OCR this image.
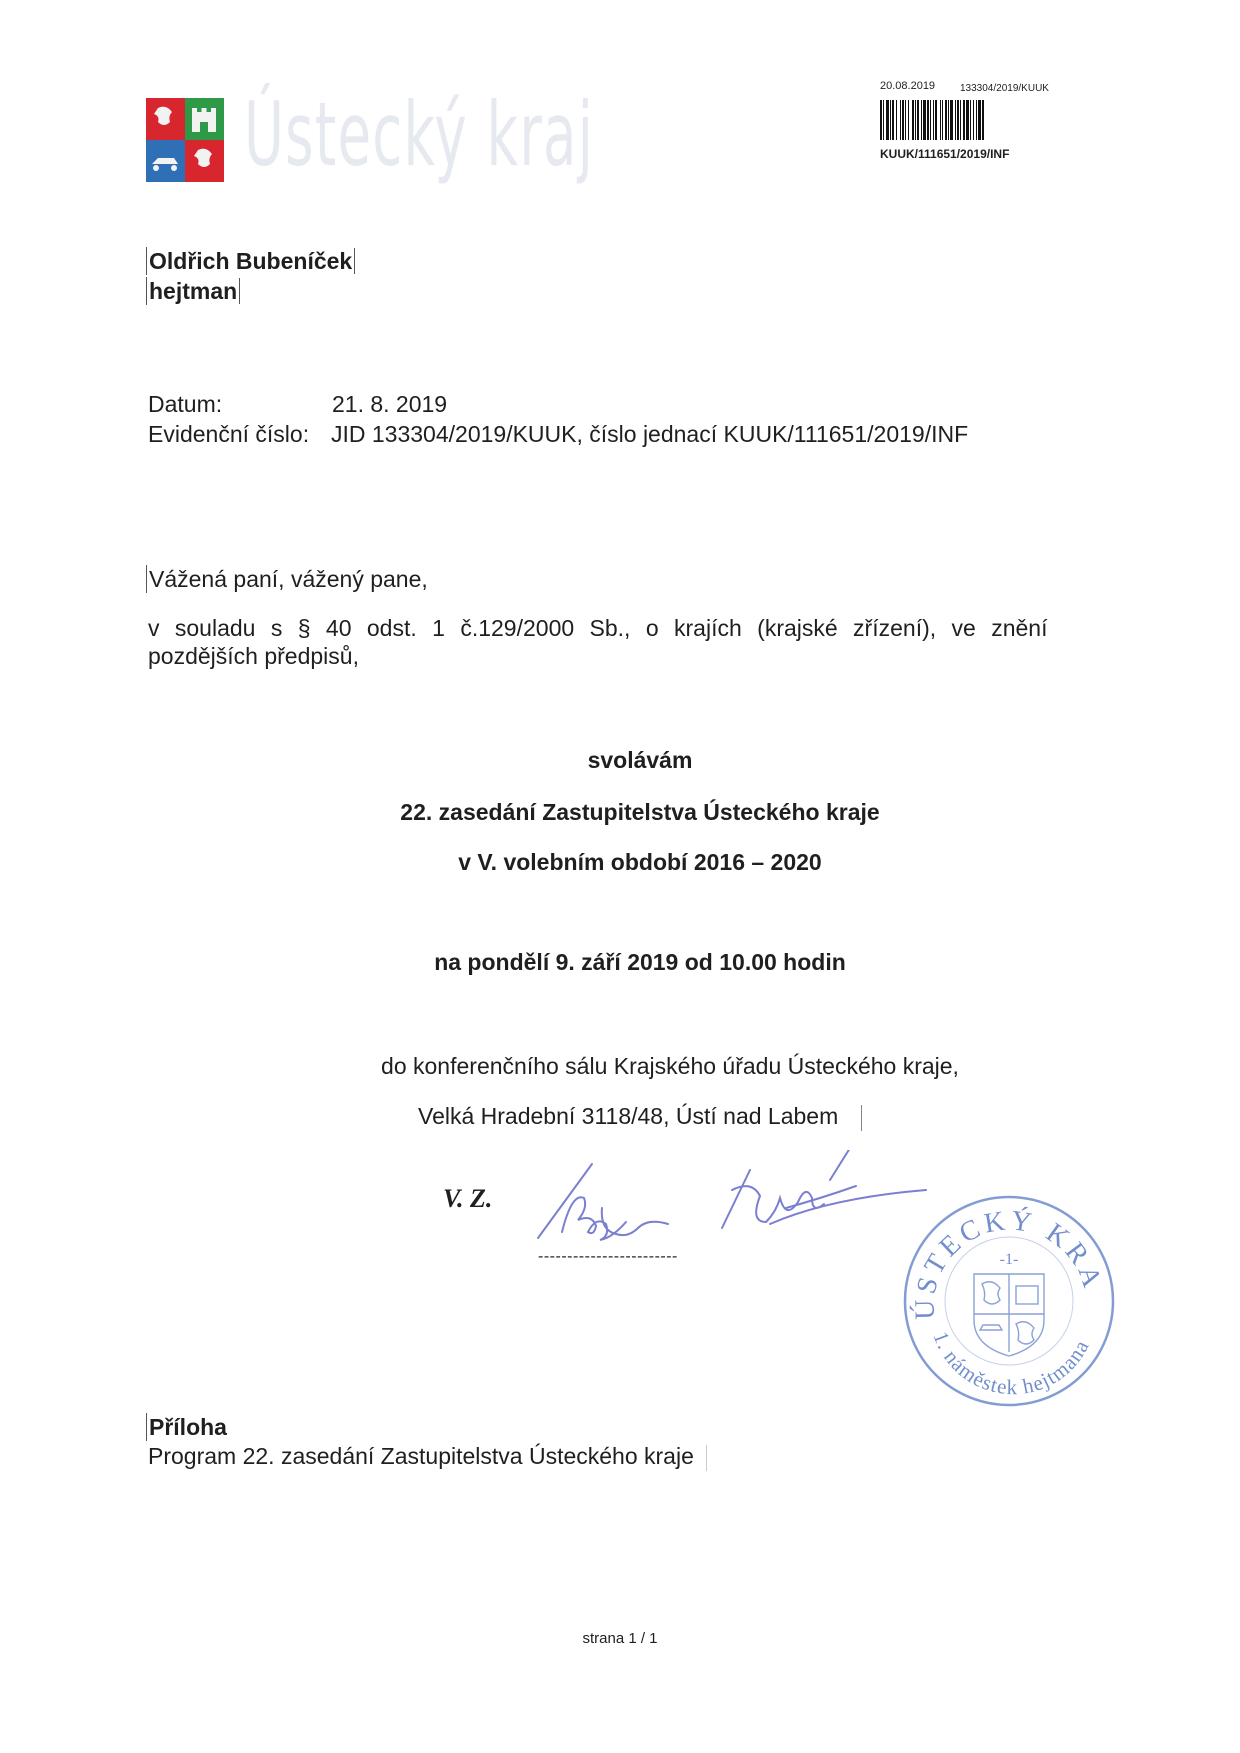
Ústecký kraj	20.08.2019 133304/2019/KUUK
KUUK/111651/2019/INF
Oldřich Bubeníček
hejtman
Datum:	21. 8. 2019
Evidenční číslo: JID 133304/2019/KUUK, číslo jednací KUUK/111651/2019/INF
Vážená paní, vážený pane,
v souladu s § 40 odst. 1 č.129/2000 Sb., o krajích (krajské zřízení), ve znění
pozdějších předpisů,
svolávám
22. zasedání Zastupitelstva Ústeckého kraje
v V. volebním období 2016 – 2020
na pondělí 9. září 2019 od 10.00 hodin
do konferenčního sálu Krajského úřadu Ústeckého kraje,
Velká Hradební 3118/48, Ústí nad Labem
V. Z.
------------------------
ÚSTECKÝ KRA
1. náměstek hejtmana
-1-
Příloha
Program 22. zasedání Zastupitelstva Ústeckého kraje
strana 1 / 1
